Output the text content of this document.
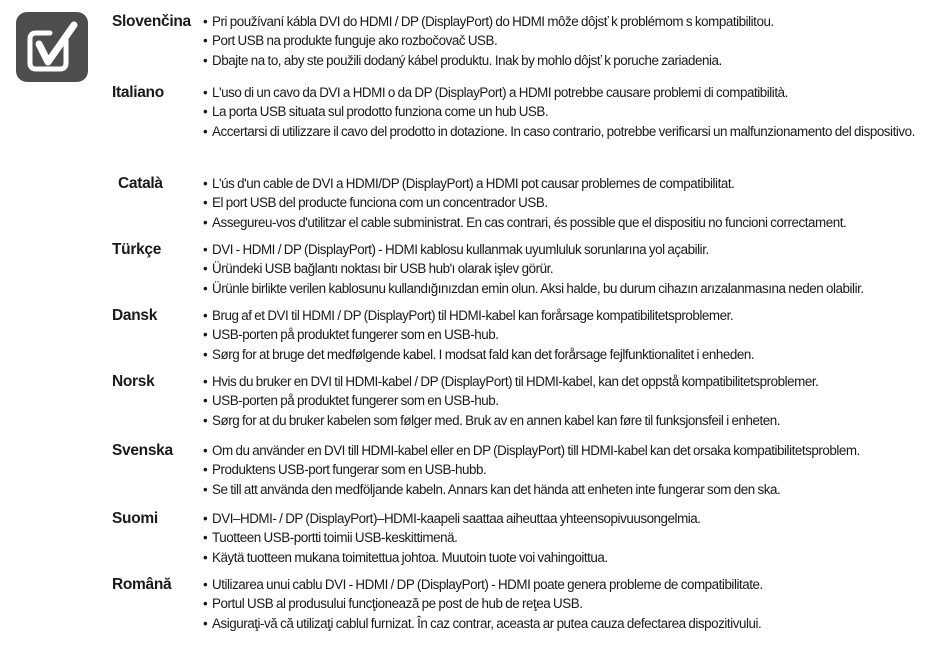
Slovenčina	• Pri používaní kábla DVI do HDMI / DP (DisplayPort) do HDMI môže dôjsť k problémom s kompatibilitou.
• Port USB na produkte funguje ako rozbočovač USB.
• Dbajte na to, aby ste použili dodaný kábel produktu. Inak by mohlo dôjsť k poruche zariadenia.
Italiano	• L'uso di un cavo da DVI a HDMI o da DP (DisplayPort) a HDMI potrebbe causare problemi di compatibilità.
• La porta USB situata sul prodotto funziona come un hub USB.
• Accertarsi di utilizzare il cavo del prodotto in dotazione. In caso contrario, potrebbe verificarsi un malfunzionamento del dispositivo.
Català	• L'ús d'un cable de DVI a HDMI/DP (DisplayPort) a HDMI pot causar problemes de compatibilitat.
• El port USB del producte funciona com un concentrador USB.
• Assegureu-vos d'utilitzar el cable subministrat. En cas contrari, és possible que el dispositiu no funcioni correctament.
Türkçe	• DVI - HDMI / DP (DisplayPort) - HDMI kablosu kullanmak uyumluluk sorunlarına yol açabilir.
• Üründeki USB bağlantı noktası bir USB hub'ı olarak işlev görür.
• Ürünle birlikte verilen kablosunu kullandığınızdan emin olun. Aksi halde, bu durum cihazın arızalanmasına neden olabilir.
Dansk	• Brug af et DVI til HDMI / DP (DisplayPort) til HDMI-kabel kan forårsage kompatibilitetsproblemer.
• USB-porten på produktet fungerer som en USB-hub.
• Sørg for at bruge det medfølgende kabel. I modsat fald kan det forårsage fejlfunktionalitet i enheden.
Norsk	• Hvis du bruker en DVI til HDMI-kabel / DP (DisplayPort) til HDMI-kabel, kan det oppstå kompatibilitetsproblemer.
• USB-porten på produktet fungerer som en USB-hub.
• Sørg for at du bruker kabelen som følger med. Bruk av en annen kabel kan føre til funksjonsfeil i enheten.
Svenska	• Om du använder en DVI till HDMI-kabel eller en DP (DisplayPort) till HDMI-kabel kan det orsaka kompatibilitetsproblem.
• Produktens USB-port fungerar som en USB-hubb.
• Se till att använda den medföljande kabeln. Annars kan det hända att enheten inte fungerar som den ska.
Suomi	• DVI–HDMI- / DP (DisplayPort)–HDMI-kaapeli saattaa aiheuttaa yhteensopivuusongelmia.
• Tuotteen USB-portti toimii USB-keskittimenä.
• Käytä tuotteen mukana toimitettua johtoa. Muutoin tuote voi vahingoittua.
Română	• Utilizarea unui cablu DVI - HDMI / DP (DisplayPort) - HDMI poate genera probleme de compatibilitate.
• Portul USB al produsului funcţionează pe post de hub de reţea USB.
• Asiguraţi-vă că utilizaţi cablul furnizat. În caz contrar, aceasta ar putea cauza defectarea dispozitivului.
